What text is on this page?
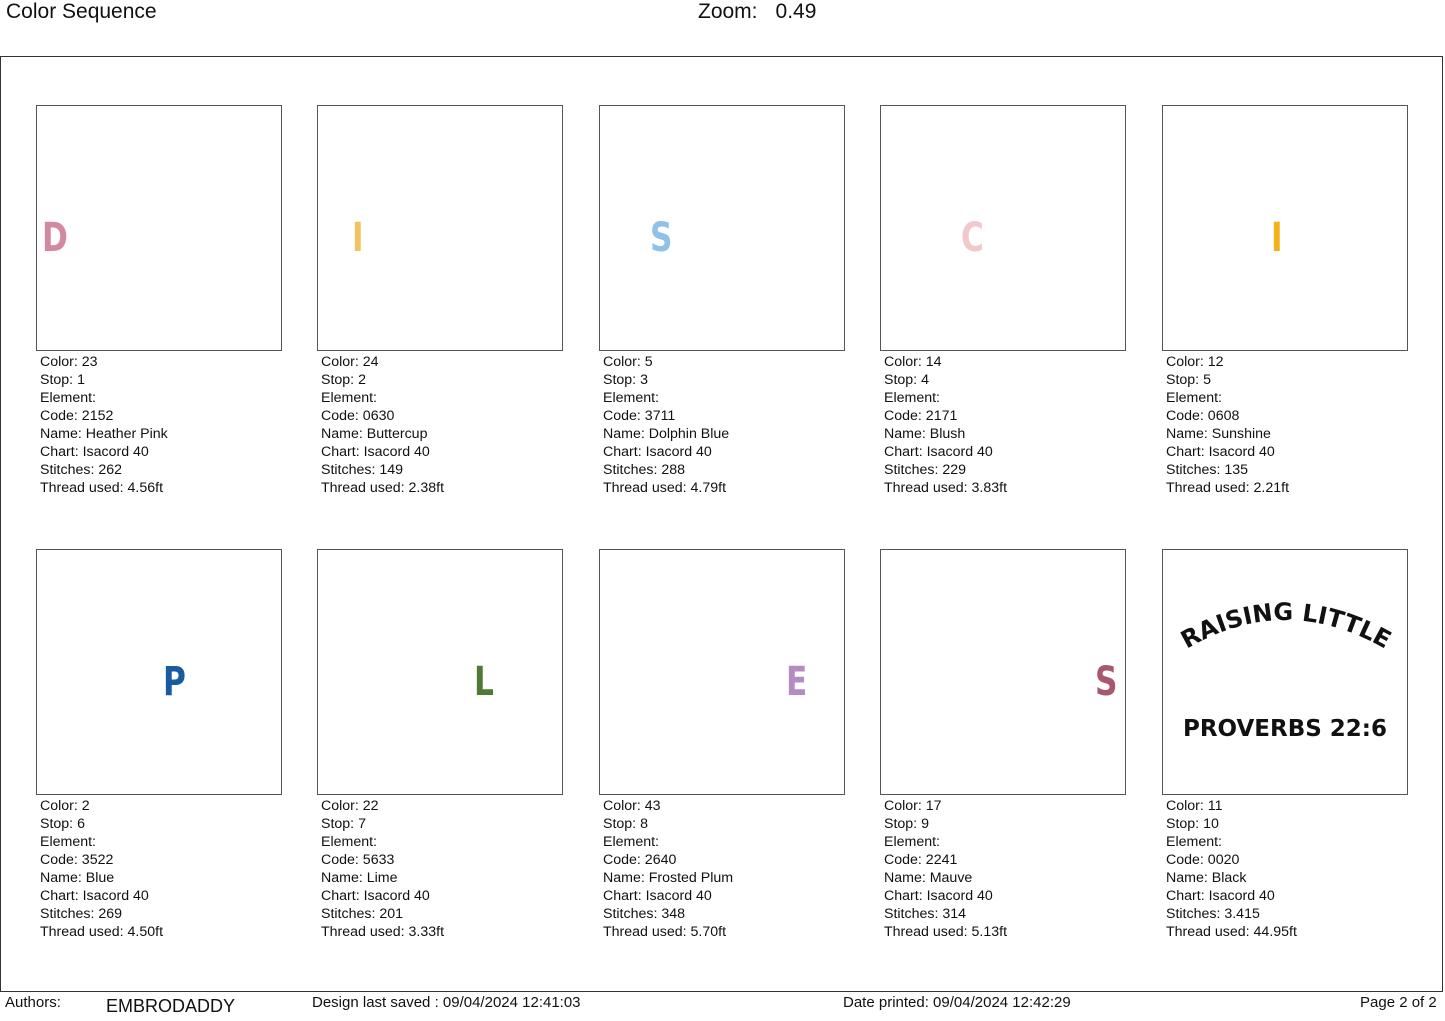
Color Sequence	Zoom: 0.49
D
Color: 23
Stop: 1
Element:
Code: 2152
Name: Heather Pink
Chart: Isacord 40
Stitches: 262
Thread used: 4.56ft
I
Color: 24
Stop: 2
Element:
Code: 0630
Name: Buttercup
Chart: Isacord 40
Stitches: 149
Thread used: 2.38ft
S
Color: 5
Stop: 3
Element:
Code: 3711
Name: Dolphin Blue
Chart: Isacord 40
Stitches: 288
Thread used: 4.79ft
C
Color: 14
Stop: 4
Element:
Code: 2171
Name: Blush
Chart: Isacord 40
Stitches: 229
Thread used: 3.83ft
I
Color: 12
Stop: 5
Element:
Code: 0608
Name: Sunshine
Chart: Isacord 40
Stitches: 135
Thread used: 2.21ft
P
Color: 2
Stop: 6
Element:
Code: 3522
Name: Blue
Chart: Isacord 40
Stitches: 269
Thread used: 4.50ft
L
Color: 22
Stop: 7
Element:
Code: 5633
Name: Lime
Chart: Isacord 40
Stitches: 201
Thread used: 3.33ft
E
Color: 43
Stop: 8
Element:
Code: 2640
Name: Frosted Plum
Chart: Isacord 40
Stitches: 348
Thread used: 5.70ft
S
Color: 17
Stop: 9
Element:
Code: 2241
Name: Mauve
Chart: Isacord 40
Stitches: 314
Thread used: 5.13ft
RAISING LITTLE
PROVERBS 22:6
Color: 11
Stop: 10
Element:
Code: 0020
Name: Black
Chart: Isacord 40
Stitches: 3.415
Thread used: 44.95ft
Authors:	EMBRODADDY	Design last saved : 09/04/2024 12:41:03	Date printed: 09/04/2024 12:42:29	Page 2 of 2
